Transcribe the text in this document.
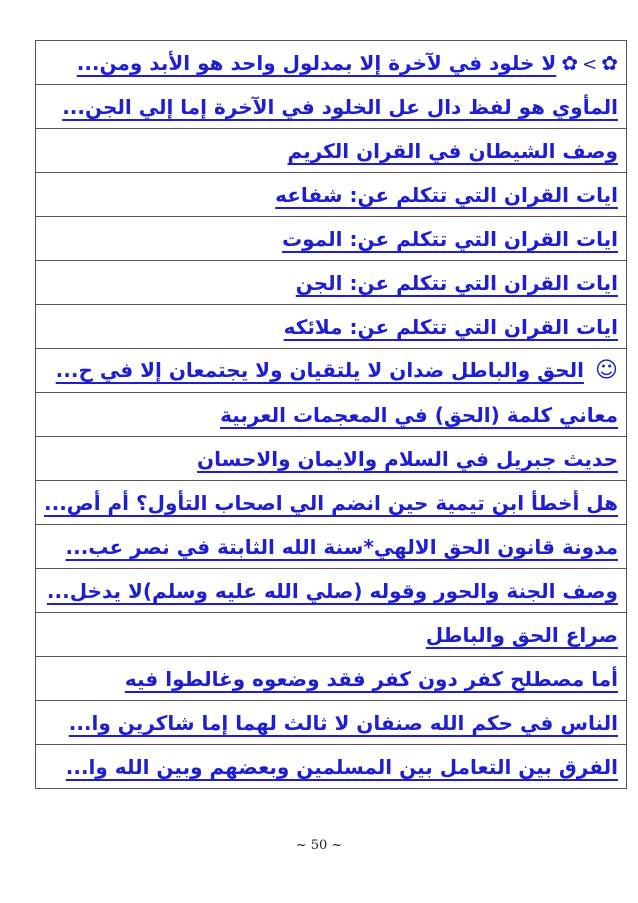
✿>✿ لا خلود في لآخرة إلا بمدلول واحد هو الأبد ومن...
المأوي هو لفظ دال عل الخلود في الآخرة إما إلي الجن...
وصف الشيطان في القران الكريم
ايات القران التي تتكلم عن: شفاعه
ايات القران التي تتكلم عن: الموت
ايات القران التي تتكلم عن: الجن
ايات القران التي تتكلم عن: ملائكه
☺ الحق والباطل ضدان لا يلتقيان ولا يجتمعان إلا في ح...
معاني كلمة (الحق) في المعجمات العربية
حديث جبريل في السلام والايمان والاحسان
هل أخطأ ابن تيمية حين انضم الي اصحاب التأول؟ أم أص...
مدونة قانون الحق الالهي*سنة الله الثابتة في نصر عب...
وصف الجنة والحور وقوله (صلي الله عليه وسلم)لا يدخل...
صراع الحق والباطل
أما مصطلح كفر دون كفر فقد وضعوه وغالطوا فيه
الناس في حكم الله صنفان لا ثالث لهما إما شاكرين وا...
الفرق بين التعامل بين المسلمين وبعضهم وبين الله وا...
~ 50 ~
